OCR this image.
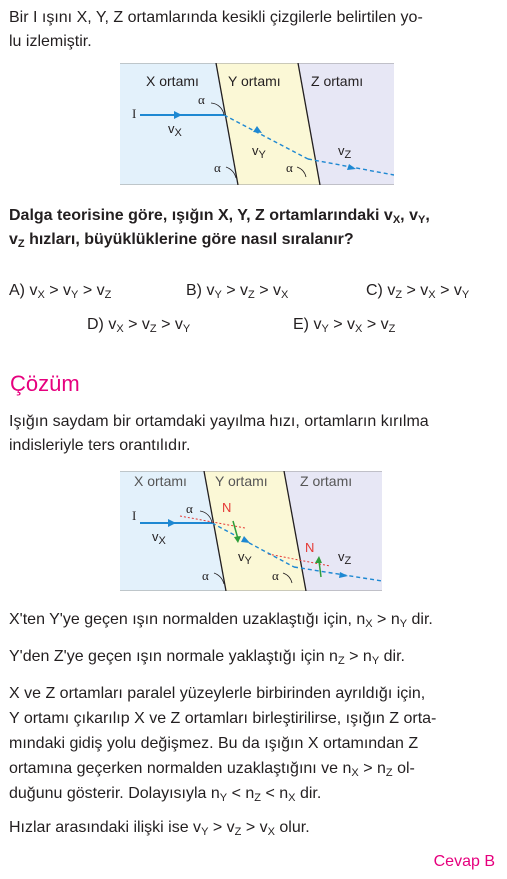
Bir I ışını X, Y, Z ortamlarında kesikli çizgilerle belirtilen yo-
lu izlemiştir.
X ortamı Y ortamı Z ortamı
I
α
α	α
$v_X$
$v_Y$	$v_Z$
Dalga teorisine göre, ışığın X, Y, Z ortamlarındaki $v_X$, $v_Y$,
$v_Z$ hızları, büyüklüklerine göre nasıl sıralanır?
A) $v_X > v_Y > v_Z$	B) $v_Y > v_Z > v_X$	C) $v_Z > v_X > v_Y$
D) $v_X > v_Z > v_Y$	E) $v_Y > v_X > v_Z$
Çözüm
Işığın saydam bir ortamdaki yayılma hızı, ortamların kırılma
indisleriyle ters orantılıdır.
X ortamı Y ortamı Z ortamı
I	α
α	α
N
N
$v_X$
$v_Y$	$v_Z$
X'ten Y'ye geçen ışın normalden uzaklaştığı için, $n_X > n_Y$ dir.
Y'den Z'ye geçen ışın normale yaklaştığı için $n_Z > n_Y$ dir.
X ve Z ortamları paralel yüzeylerle birbirinden ayrıldığı için,
Y ortamı çıkarılıp X ve Z ortamları birleştirilirse, ışığın Z orta-
mındaki gidiş yolu değişmez. Bu da ışığın X ortamından Z
ortamına geçerken normalden uzaklaştığını ve $n_X > n_Z$ ol-
duğunu gösterir. Dolayısıyla $n_Y < n_Z < n_X$ dir.
Hızlar arasındaki ilişki ise $v_Y > v_Z > v_X$ olur.
Cevap B
